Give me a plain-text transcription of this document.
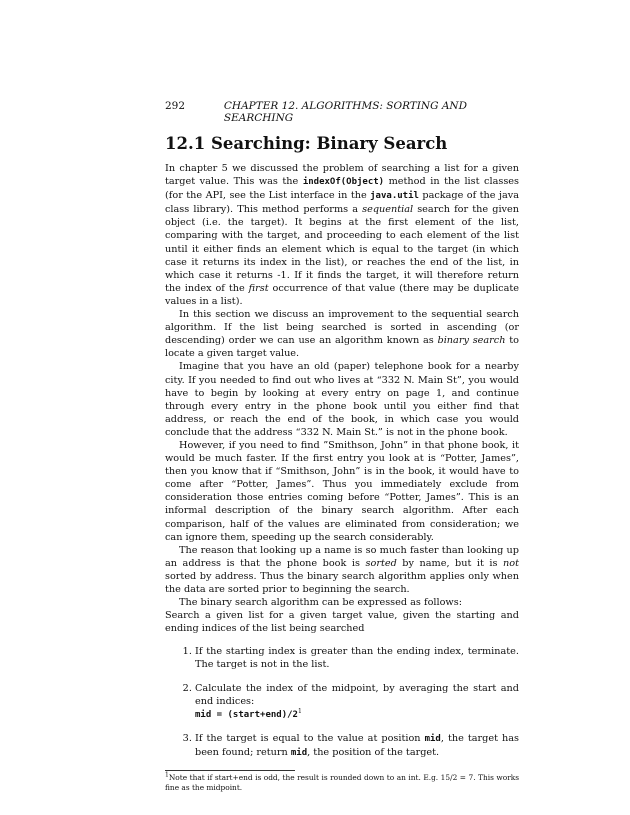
292	CHAPTER 12. ALGORITHMS: SORTING AND SEARCHING
12.1 Searching: Binary Search

In chapter 5 we discussed the problem of searching a list for a given target value. This was the indexOf(Object) method in the list classes (for the API, see the List interface in the java.util package of the java class library). This method performs a sequential search for the given object (i.e. the target). It begins at the first element of the list, comparing with the target, and proceeding to each element of the list until it either finds an element which is equal to the target (in which case it returns its index in the list), or reaches the end of the list, in which case it returns -1. If it finds the target, it will therefore return the index of the first occurrence of that value (there may be duplicate values in a list).

In this section we discuss an improvement to the sequential search algorithm. If the list being searched is sorted in ascending (or descending) order we can use an algorithm known as binary search to locate a given target value.

Imagine that you have an old (paper) telephone book for a nearby city. If you needed to find out who lives at “332 N. Main St”, you would have to begin by looking at every entry on page 1, and continue through every entry in the phone book until you either find that address, or reach the end of the book, in which case you would conclude that the address “332 N. Main St.” is not in the phone book.

However, if you need to find ”Smithson, John” in that phone book, it would be much faster. If the first entry you look at is “Potter, James”, then you know that if “Smithson, John” is in the book, it would have to come after “Potter, James”. Thus you immediately exclude from consideration those entries coming before “Potter, James”. This is an informal description of the binary search algorithm. After each comparison, half of the values are eliminated from consideration; we can ignore them, speeding up the search considerably.

The reason that looking up a name is so much faster than looking up an address is that the phone book is sorted by name, but it is not sorted by address. Thus the binary search algorithm applies only when the data are sorted prior to beginning the search.

The binary search algorithm can be expressed as follows:

Search a given list for a given target value, given the starting and ending indices of the list being searched

1. If the starting index is greater than the ending index, terminate. The target is not in the list.
2. Calculate the index of the midpoint, by averaging the start and end indices:
mid = $(start+end)/2^1$
3. If the target is equal to the value at position mid, the target has been found; return mid, the position of the target.
$^1$Note that if start+end is odd, the result is rounded down to an int. E.g. 15/2 = 7. This works fine as the midpoint.
